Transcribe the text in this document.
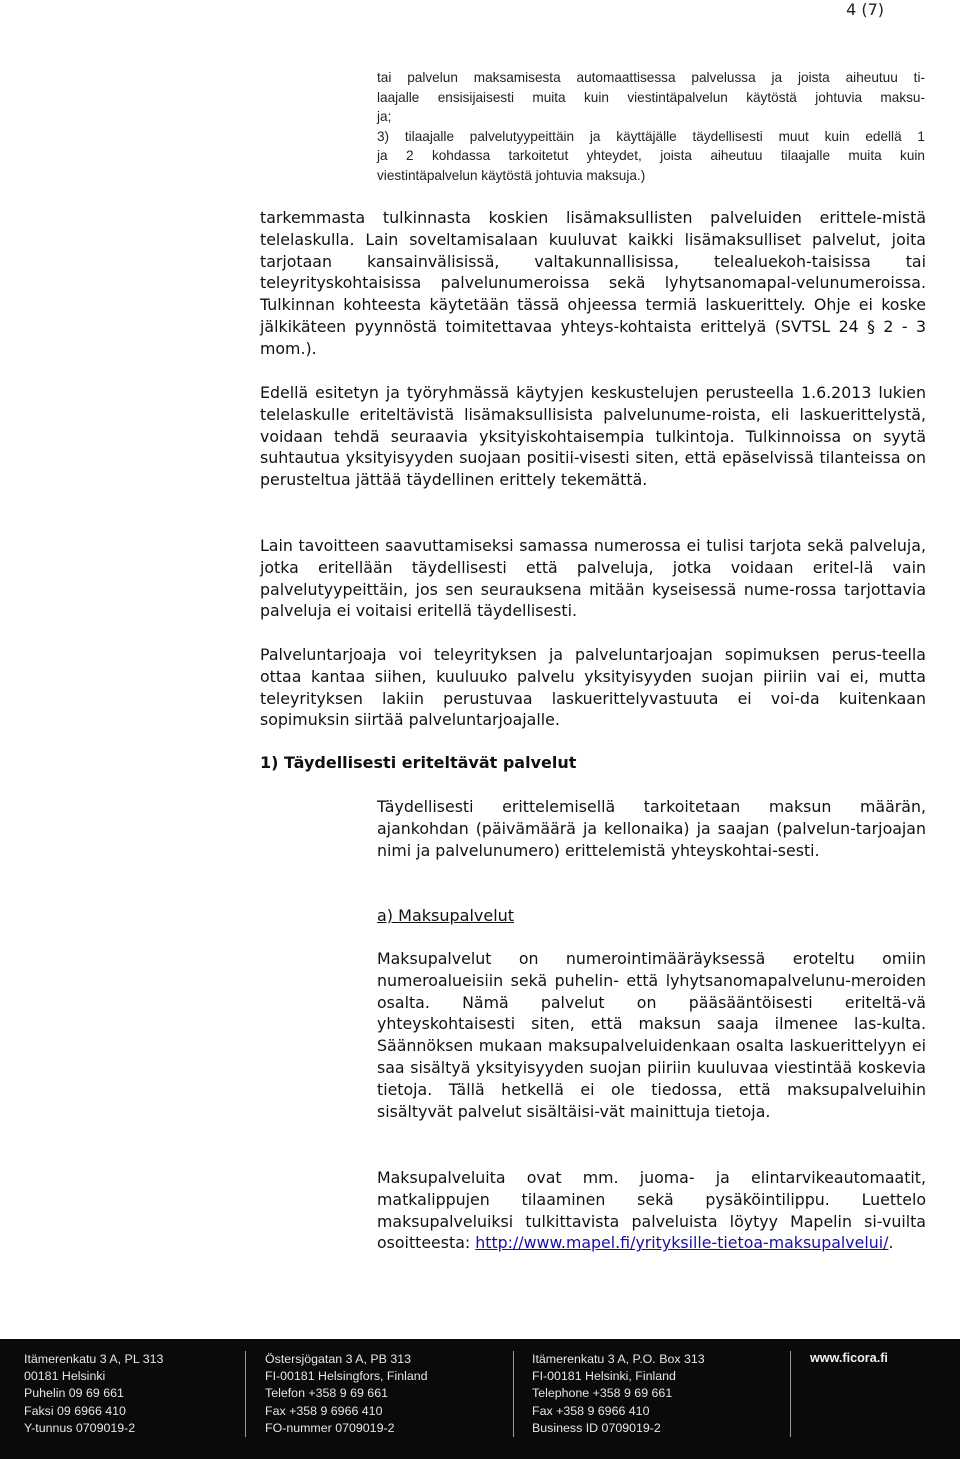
4 (7)
tai palvelun maksamisesta automaattisessa palvelussa ja joista aiheutuu ti-
laajalle ensisijaisesti muita kuin viestintäpalvelun käytöstä johtuvia maksu-
ja;
3) tilaajalle palvelutyypeittäin ja käyttäjälle täydellisesti muut kuin edellä 1
ja 2 kohdassa tarkoitetut yhteydet, joista aiheutuu tilaajalle muita kuin
viestintäpalvelun käytöstä johtuvia maksuja.)

tarkemmasta tulkinnasta koskien lisämaksullisten palveluiden erittele-mistä telelaskulla. Lain soveltamisalaan kuuluvat kaikki lisämaksulliset palvelut, joita tarjotaan kansainvälisissä, valtakunnallisissa, telealuekoh-taisissa tai teleyrityskohtaisissa palvelunumeroissa sekä lyhytsanomapal-velunumeroissa. Tulkinnan kohteesta käytetään tässä ohjeessa termiä laskuerittely. Ohje ei koske jälkikäteen pyynnöstä toimitettavaa yhteys-kohtaista erittelyä (SVTSL 24 § 2 - 3 mom.).

Edellä esitetyn ja työryhmässä käytyjen keskustelujen perusteella 1.6.2013 lukien telelaskulle eriteltävistä lisämaksullisista palvelunume-roista, eli laskuerittelystä, voidaan tehdä seuraavia yksityiskohtaisempia tulkintoja. Tulkinnoissa on syytä suhtautua yksityisyyden suojaan positii-visesti siten, että epäselvissä tilanteissa on perusteltua jättää täydellinen erittely tekemättä.

Lain tavoitteen saavuttamiseksi samassa numerossa ei tulisi tarjota sekä palveluja, jotka eritellään täydellisesti että palveluja, jotka voidaan eritel-lä vain palvelutyypeittäin, jos sen seurauksena mitään kyseisessä nume-rossa tarjottavia palveluja ei voitaisi eritellä täydellisesti.

Palveluntarjoaja voi teleyrityksen ja palveluntarjoajan sopimuksen perus-teella ottaa kantaa siihen, kuuluuko palvelu yksityisyyden suojan piiriin vai ei, mutta teleyrityksen lakiin perustuvaa laskuerittelyvastuuta ei voi-da kuitenkaan sopimuksin siirtää palveluntarjoajalle.

1) Täydellisesti eriteltävät palvelut

Täydellisesti erittelemisellä tarkoitetaan maksun määrän, ajankohdan (päivämäärä ja kellonaika) ja saajan (palvelun-tarjoajan nimi ja palvelunumero) erittelemistä yhteyskohtai-sesti.

a) Maksupalvelut

Maksupalvelut on numerointimääräyksessä eroteltu omiin numeroalueisiin sekä puhelin- että lyhytsanomapalvelunu-meroiden osalta. Nämä palvelut on pääsääntöisesti eriteltä-vä yhteyskohtaisesti siten, että maksun saaja ilmenee las-kulta. Säännöksen mukaan maksupalveluidenkaan osalta laskuerittelyyn ei saa sisältyä yksityisyyden suojan piiriin kuuluvaa viestintää koskevia tietoja. Tällä hetkellä ei ole tiedossa, että maksupalveluihin sisältyvät palvelut sisältäisi-vät mainittuja tietoja.

Maksupalveluita ovat mm. juoma- ja elintarvikeautomaatit, matkalippujen tilaaminen sekä pysäköintilippu. Luettelo maksupalveluiksi tulkittavista palveluista löytyy Mapelin si-vuilta osoitteesta: http://www.mapel.fi/yrityksille-tietoa-maksupalvelui/.

Itämerenkatu 3 A, PL 313
00181 Helsinki
Puhelin 09 69 661
Faksi 09 6966 410
Y-tunnus 0709019-2
Östersjögatan 3 A, PB 313
FI-00181 Helsingfors, Finland
Telefon +358 9 69 661
Fax +358 9 6966 410
FO-nummer 0709019-2
Itämerenkatu 3 A, P.O. Box 313
FI-00181 Helsinki, Finland
Telephone +358 9 69 661
Fax +358 9 6966 410
Business ID 0709019-2
www.ficora.fi
